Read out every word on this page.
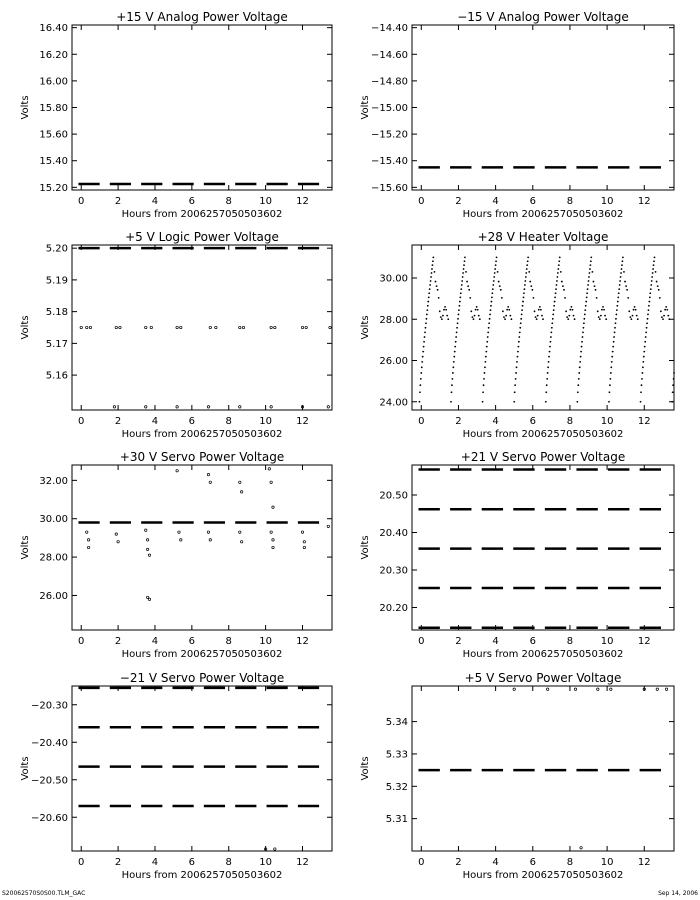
+15 V Analog Power Voltage
0	2	4	6	8	10 12
15.20
15.40
15.60
15.80
16.00
16.20
16.40
Hours from 2006257050503602
Volts
−15 V Analog Power Voltage
0	2	4	6	8	10 12
−15.60
−15.40
−15.20
−15.00
−14.80
−14.60
−14.40
Hours from 2006257050503602
Volts
+5 V Logic Power Voltage
0	2	4	6	8	10 12
5.16
5.17
5.18
5.19
5.20
Hours from 2006257050503602
Volts
+28 V Heater Voltage
0	2	4	6	8	10 12
24.00
26.00
28.00
30.00
Hours from 2006257050503602
Volts
+30 V Servo Power Voltage
0	2	4	6	8	10 12
26.00
28.00
30.00
32.00
Hours from 2006257050503602
Volts
+21 V Servo Power Voltage
0	2	4	6	8	10 12
20.20
20.30
20.40
20.50
Hours from 2006257050503602
Volts
−21 V Servo Power Voltage
0	2	4	6	8	10 12
−20.60
−20.50
−20.40
−20.30
Hours from 2006257050503602
Volts
+5 V Servo Power Voltage
0	2	4	6	8	10 12
5.31
5.32
5.33
5.34
Hours from 2006257050503602
Volts
S20062570S0S00.TLM_GAC	Sep 14, 2006
